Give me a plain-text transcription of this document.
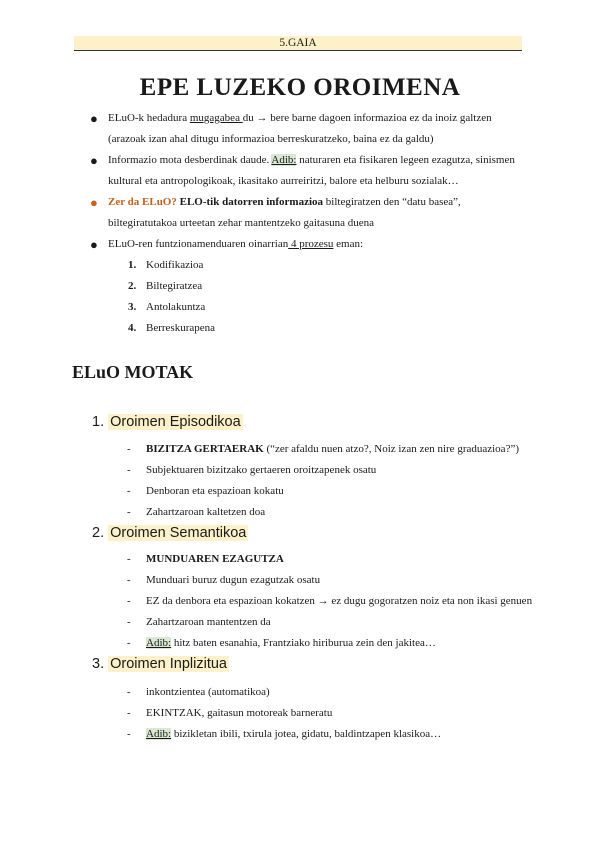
5.GAIA
EPE LUZEKO OROIMENA
● ELuO-k hedadura mugagabea du → bere barne dagoen informazioa ez da inoiz galtzen
(arazoak izan ahal ditugu informazioa berreskuratzeko, baina ez da galdu)
● Informazio mota desberdinak daude. Adib: naturaren eta fisikaren legeen ezagutza, sinismen
kultural eta antropologikoak, ikasitako aurreiritzi, balore eta helburu sozialak…
● Zer da ELuO? ELO-tik datorren informazioa biltegiratzen den “datu basea”,
biltegiratutakoa urteetan zehar mantentzeko gaitasuna duena
● ELuO-ren funtzionamenduaren oinarrian 4 prozesu eman:
1. Kodifikazioa
2. Biltegiratzea
3. Antolakuntza
4. Berreskurapena
ELuO MOTAK
1. Oroimen Episodikoa
- BIZITZA GERTAERAK (“zer afaldu nuen atzo?, Noiz izan zen nire graduazioa?”)
- Subjektuaren bizitzako gertaeren oroitzapenek osatu
- Denboran eta espazioan kokatu
- Zahartzaroan kaltetzen doa
2. Oroimen Semantikoa
- MUNDUAREN EZAGUTZA
- Munduari buruz dugun ezagutzak osatu
- EZ da denbora eta espazioan kokatzen → ez dugu gogoratzen noiz eta non ikasi genuen
- Zahartzaroan mantentzen da
- Adib: hitz baten esanahia, Frantziako hiriburua zein den jakitea…
3. Oroimen Inplizitua
- inkontzientea (automatikoa)
- EKINTZAK, gaitasun motoreak barneratu
- Adib: bizikletan ibili, txirula jotea, gidatu, baldintzapen klasikoa…
